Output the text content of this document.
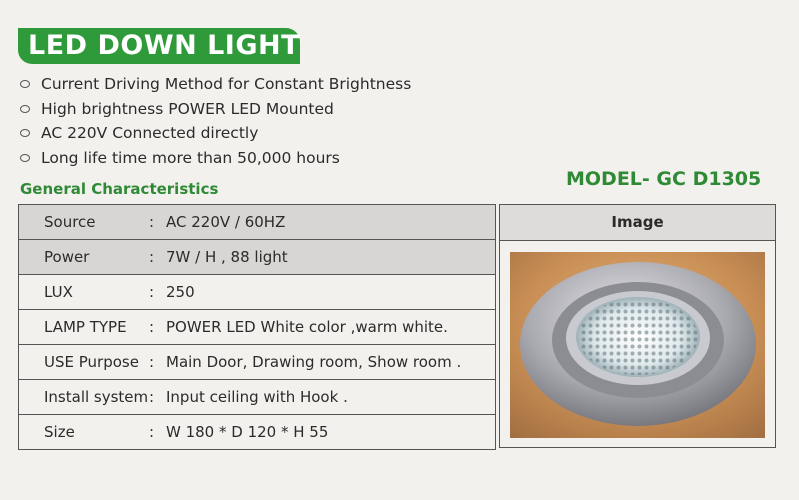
LED DOWN LIGHT
Current Driving Method for Constant Brightness
High brightness POWER LED Mounted
AC 220V Connected directly
Long life time more than 50,000 hours
General Characteristics	MODEL- GC D1305
Source	: AC 220V / 60HZ
Power	: 7W / H , 88 light
LUX	: 250
LAMP TYPE	: POWER LED White color ,warm white.
USE Purpose : Main Door, Drawing room, Show room .
Install system : Input ceiling with Hook .
Size	: W 180 * D 120 * H 55
Image
